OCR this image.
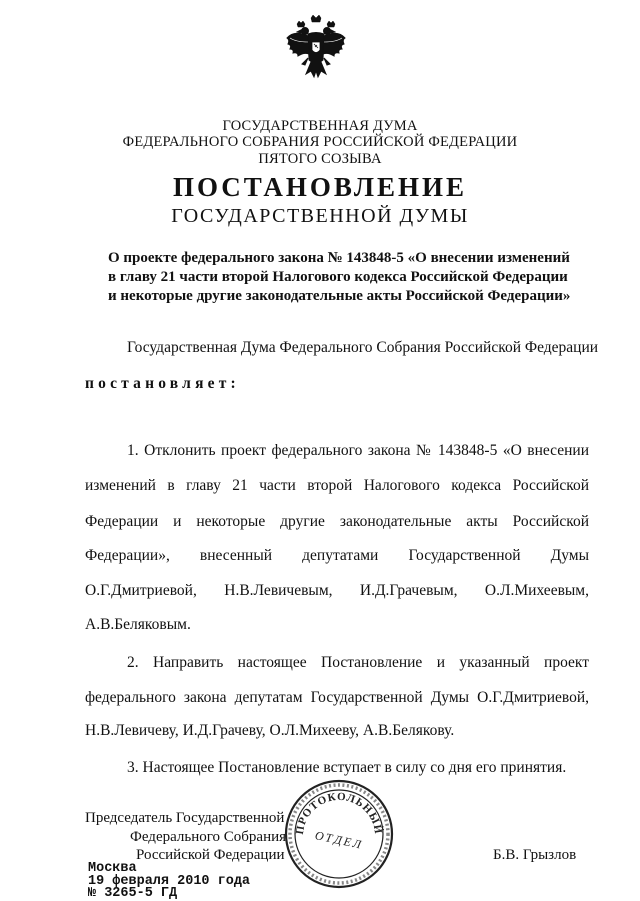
ГОСУДАРСТВЕННАЯ ДУМА
ФЕДЕРАЛЬНОГО СОБРАНИЯ РОССИЙСКОЙ ФЕДЕРАЦИИ
ПЯТОГО СОЗЫВА
ПОСТАНОВЛЕНИЕ
ГОСУДАРСТВЕННОЙ ДУМЫ
О проекте федерального закона № 143848-5 «О внесении изменений
в главу 21 части второй Налогового кодекса Российской Федерации
и некоторые другие законодательные акты Российской Федерации»
Государственная Дума Федерального Собрания Российской Федерации
постановляет:
1. Отклонить проект федерального закона № 143848-5 «О внесении
изменений в главу 21 части второй Налогового кодекса Российской
Федерации и некоторые другие законодательные акты Российской
Федерации», внесенный депутатами Государственной Думы
О.Г.Дмитриевой, Н.В.Левичевым, И.Д.Грачевым, О.Л.Михеевым,
А.В.Беляковым.
2. Направить настоящее Постановление и указанный проект
федерального закона депутатам Государственной Думы О.Г.Дмитриевой,
Н.В.Левичеву, И.Д.Грачеву, О.Л.Михееву, А.В.Белякову.
3. Настоящее Постановление вступает в силу со дня его принятия.
Председатель Государственной
Федерального Собрания
Российской Федерации	Б.В. Грызлов
ПРОТОКОЛЬНЫЙ
ОТДЕЛ
Москва
19 февраля 2010 года
№ 3265-5 ГД
